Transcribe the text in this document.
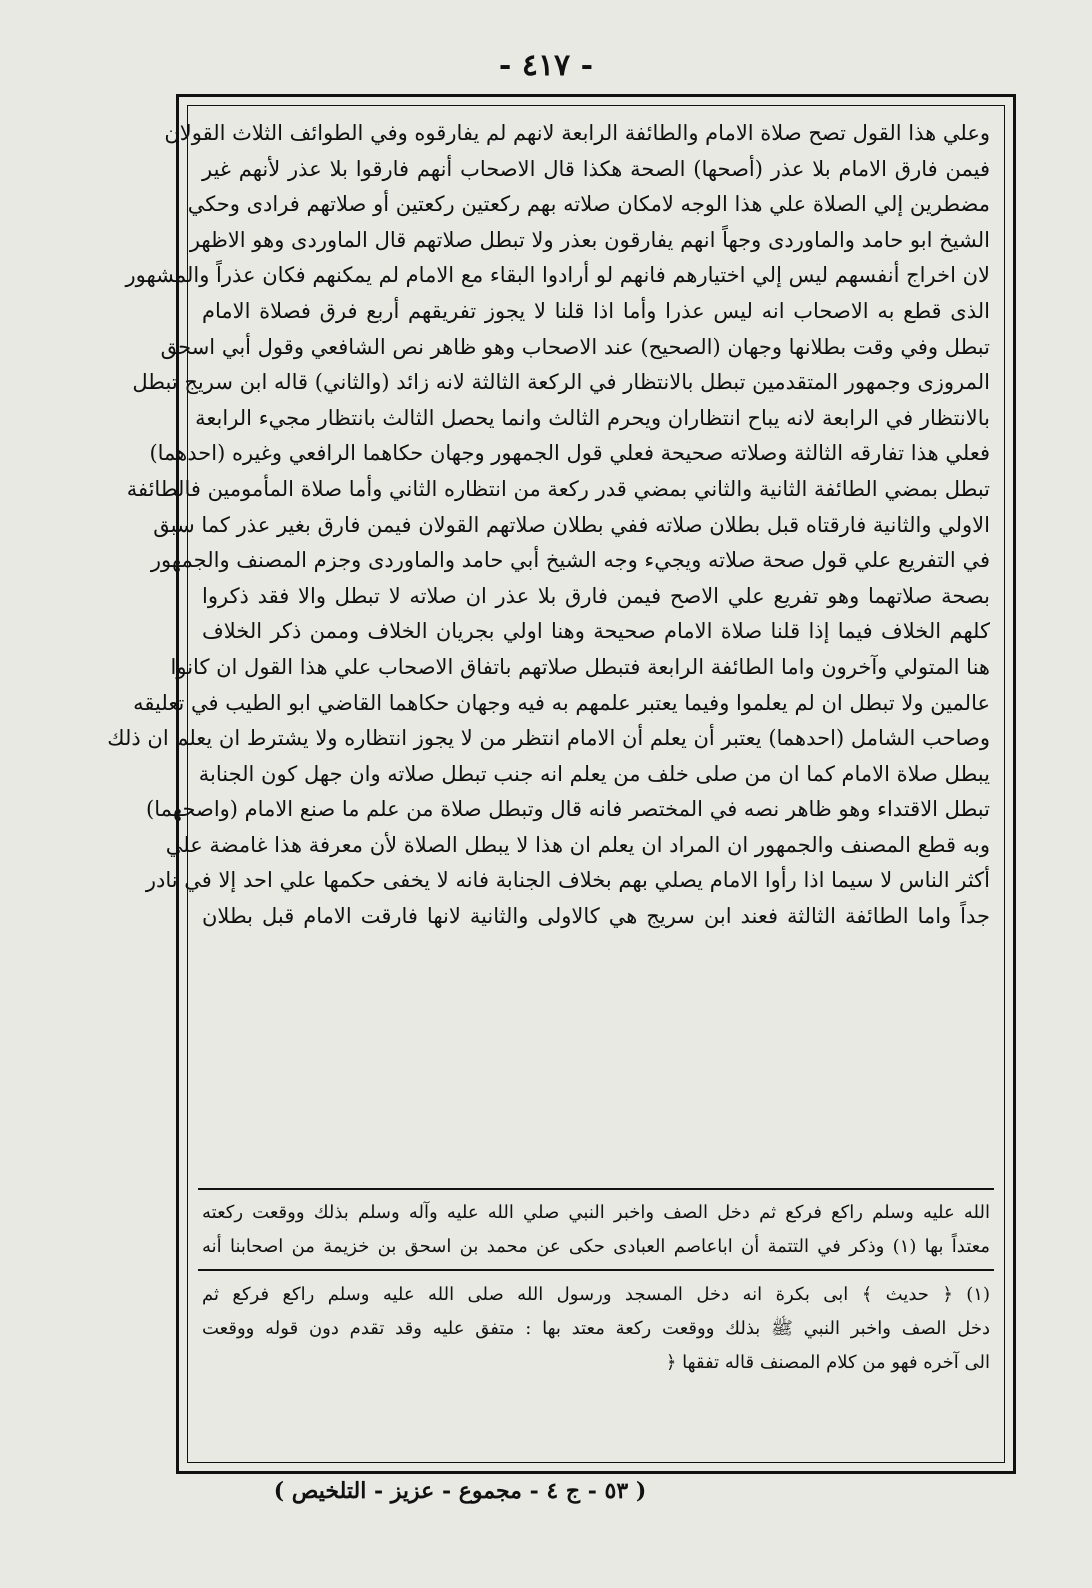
- ٤١٧ -
وعلي هذا القول تصح صلاة الامام والطائفة الرابعة لانهم لم يفارقوه وفي الطوائف الثلاث القولان
فيمن فارق الامام بلا عذر (أصحها) الصحة هكذا قال الاصحاب أنهم فارقوا بلا عذر لأنهم غير
مضطرين إلي الصلاة علي هذا الوجه لامكان صلاته بهم ركعتين ركعتين أو صلاتهم فرادى وحكي
الشيخ ابو حامد والماوردى وجهاً انهم يفارقون بعذر ولا تبطل صلاتهم قال الماوردى وهو الاظهر
لان اخراج أنفسهم ليس إلي اختيارهم فانهم لو أرادوا البقاء مع الامام لم يمكنهم فكان عذراً والمشهور
الذى قطع به الاصحاب انه ليس عذرا وأما اذا قلنا لا يجوز تفريقهم أربع فرق فصلاة الامام
تبطل وفي وقت بطلانها وجهان (الصحيح) عند الاصحاب وهو ظاهر نص الشافعي وقول أبي اسحق
المروزى وجمهور المتقدمين تبطل بالانتظار في الركعة الثالثة لانه زائد (والثاني) قاله ابن سريج تبطل
بالانتظار في الرابعة لانه يباح انتظاران ويحرم الثالث وانما يحصل الثالث بانتظار مجيء الرابعة
فعلي هذا تفارقه الثالثة وصلاته صحيحة فعلي قول الجمهور وجهان حكاهما الرافعي وغيره (احدهما)
تبطل بمضي الطائفة الثانية والثاني بمضي قدر ركعة من انتظاره الثاني وأما صلاة المأمومين فالطائفة
الاولي والثانية فارقتاه قبل بطلان صلاته ففي بطلان صلاتهم القولان فيمن فارق بغير عذر كما سبق
في التفريع علي قول صحة صلاته ويجيء وجه الشيخ أبي حامد والماوردى وجزم المصنف والجمهور
بصحة صلاتهما وهو تفريع علي الاصح فيمن فارق بلا عذر ان صلاته لا تبطل والا فقد ذكروا
كلهم الخلاف فيما إذا قلنا صلاة الامام صحيحة وهنا اولي بجريان الخلاف وممن ذكر الخلاف
هنا المتولي وآخرون واما الطائفة الرابعة فتبطل صلاتهم باتفاق الاصحاب علي هذا القول ان كانوا
عالمين ولا تبطل ان لم يعلموا وفيما يعتبر علمهم به فيه وجهان حكاهما القاضي ابو الطيب في تعليقه
وصاحب الشامل (احدهما) يعتبر أن يعلم أن الامام انتظر من لا يجوز انتظاره ولا يشترط ان يعلم ان ذلك
يبطل صلاة الامام كما ان من صلى خلف من يعلم انه جنب تبطل صلاته وان جهل كون الجنابة
تبطل الاقتداء وهو ظاهر نصه في المختصر فانه قال وتبطل صلاة من علم ما صنع الامام (واصحهما)
وبه قطع المصنف والجمهور ان المراد ان يعلم ان هذا لا يبطل الصلاة لأن معرفة هذا غامضة علي
أكثر الناس لا سيما اذا رأوا الامام يصلي بهم بخلاف الجنابة فانه لا يخفى حكمها علي احد إلا في نادر
جداً واما الطائفة الثالثة فعند ابن سريج هي كالاولى والثانية لانها فارقت الامام قبل بطلان
الله عليه وسلم راكع فركع ثم دخل الصف واخبر النبي صلي الله عليه وآله وسلم بذلك ووقعت ركعته
معتداً بها (١) وذكر في التتمة أن اباعاصم العبادى حكى عن محمد بن اسحق بن خزيمة من اصحابنا أنه
(١) ﴿ حديث ﴾ ابى بكرة انه دخل المسجد ورسول الله صلى الله عليه وسلم راكع فركع ثم
دخل الصف واخبر النبي ﷺ بذلك ووقعت ركعة معتد بها : متفق عليه وقد تقدم دون قوله ووقعت
الى آخره فهو من كلام المصنف قاله تفقها ﴿
( ٥٣ - ج ٤ - مجموع - عزيز - التلخيص )
